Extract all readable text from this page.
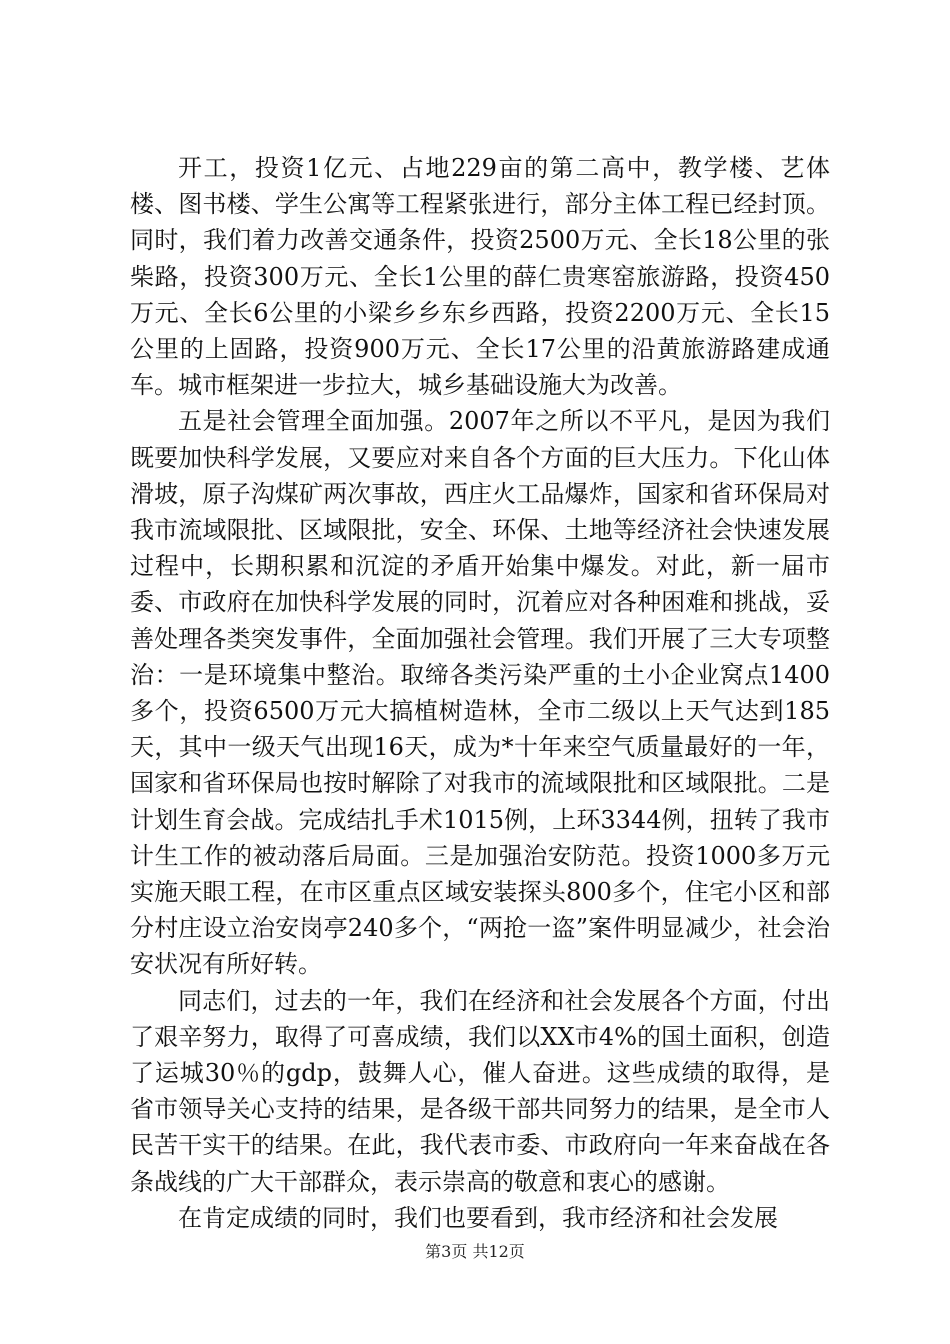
开工，投资1亿元、占地229亩的第二高中，教学楼、艺体楼、图书楼、学生公寓等工程紧张进行，部分主体工程已经封顶。同时，我们着力改善交通条件，投资2500万元、全长18公里的张柴路，投资300万元、全长1公里的薛仁贵寒窑旅游路，投资450万元、全长6公里的小梁乡乡东乡西路，投资2200万元、全长15公里的上固路，投资900万元、全长17公里的沿黄旅游路建成通车。城市框架进一步拉大，城乡基础设施大为改善。

五是社会管理全面加强。2007年之所以不平凡，是因为我们既要加快科学发展，又要应对来自各个方面的巨大压力。下化山体滑坡，原子沟煤矿两次事故，西庄火工品爆炸，国家和省环保局对我市流域限批、区域限批，安全、环保、土地等经济社会快速发展过程中，长期积累和沉淀的矛盾开始集中爆发。对此，新一届市委、市政府在加快科学发展的同时，沉着应对各种困难和挑战，妥善处理各类突发事件，全面加强社会管理。我们开展了三大专项整治：一是环境集中整治。取缔各类污染严重的土小企业窝点1400多个，投资6500万元大搞植树造林，全市二级以上天气达到185天，其中一级天气出现16天，成为*十年来空气质量最好的一年，国家和省环保局也按时解除了对我市的流域限批和区域限批。二是计划生育会战。完成结扎手术1015例，上环3344例，扭转了我市计生工作的被动落后局面。三是加强治安防范。投资1000多万元实施天眼工程，在市区重点区域安装探头800多个，住宅小区和部分村庄设立治安岗亭240多个，“两抢一盗”案件明显减少，社会治安状况有所好转。

同志们，过去的一年，我们在经济和社会发展各个方面，付出了艰辛努力，取得了可喜成绩，我们以XX市4%的国土面积，创造了运城30％的gdp，鼓舞人心，催人奋进。这些成绩的取得，是省市领导关心支持的结果，是各级干部共同努力的结果，是全市人民苦干实干的结果。在此，我代表市委、市政府向一年来奋战在各条战线的广大干部群众，表示崇高的敬意和衷心的感谢。

在肯定成绩的同时，我们也要看到，我市经济和社会发展

第3页 共12页
